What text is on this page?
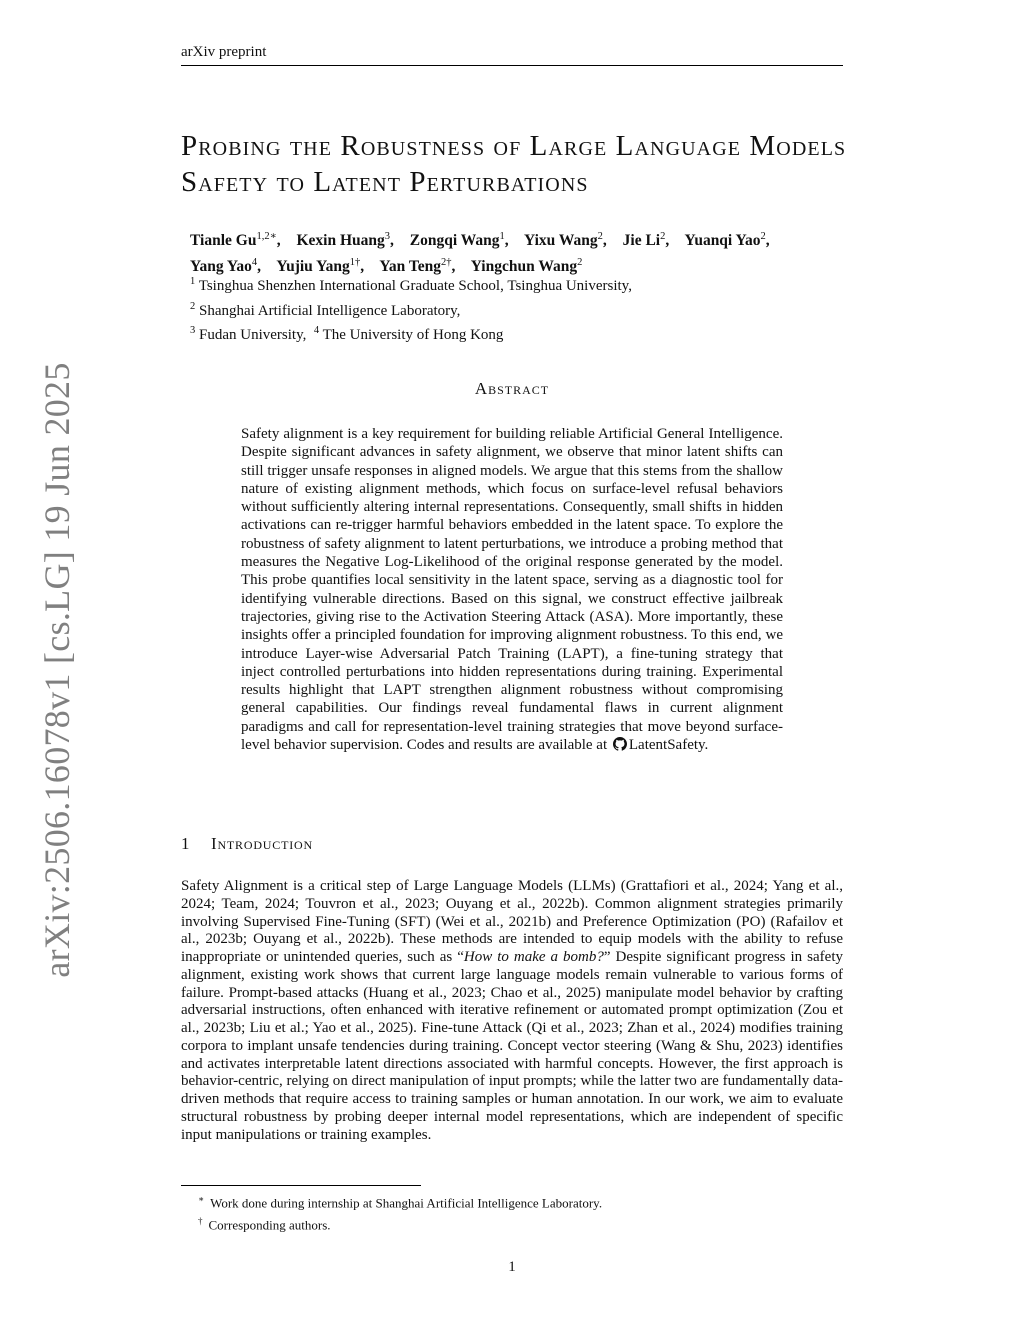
arXiv preprint
arXiv:2506.16078v1 [cs.LG] 19 Jun 2025
Probing the Robustness of Large Language Models Safety to Latent Perturbations
Tianle $Gu^{1,2∗}$, Kexin Huang$^3$, Zongqi Wang$^1$, Yixu Wang$^2$, Jie Li$^2$, Yuanqi Yao$^2$,
Yang Yao$^4$, Yujiu Yang$^{1\dagger}$, Yan Teng$^{2\dagger}$, Yingchun Wang$^2$
$^1$ Tsinghua Shenzhen International Graduate School, Tsinghua University,
$^2$ Shanghai Artificial Intelligence Laboratory,
$^3$ Fudan University, $^4$ The University of Hong Kong
Abstract
Safety alignment is a key requirement for building reliable Artificial General Intelligence. Despite significant advances in safety alignment, we observe that minor latent shifts can still trigger unsafe responses in aligned models. We argue that this stems from the shallow nature of existing alignment methods, which focus on surface-level refusal behaviors without sufficiently altering internal representations. Consequently, small shifts in hidden activations can re-trigger harmful behaviors embedded in the latent space. To explore the robustness of safety alignment to latent perturbations, we introduce a probing method that measures the Negative Log-Likelihood of the original response generated by the model. This probe quantifies local sensitivity in the latent space, serving as a diagnostic tool for identifying vulnerable directions. Based on this signal, we construct effective jailbreak trajectories, giving rise to the Activation Steering Attack (ASA). More importantly, these insights offer a principled foundation for improving alignment robustness. To this end, we introduce Layer-wise Adversarial Patch Training (LAPT), a fine-tuning strategy that inject controlled perturbations into hidden representations during training. Experimental results highlight that LAPT strengthen alignment robustness without compromising general capabilities. Our findings reveal fundamental flaws in current alignment paradigms and call for representation-level training strategies that move beyond surface-level behavior supervision. Codes and results are available at LatentSafety.
1 Introduction
Safety Alignment is a critical step of Large Language Models (LLMs) (Grattafiori et al., 2024; Yang et al., 2024; Team, 2024; Touvron et al., 2023; Ouyang et al., 2022b). Common alignment strategies primarily involving Supervised Fine-Tuning (SFT) (Wei et al., 2021b) and Preference Optimization (PO) (Rafailov et al., 2023b; Ouyang et al., 2022b). These methods are intended to equip models with the ability to refuse inappropriate or unintended queries, such as “How to make a bomb?” Despite significant progress in safety alignment, existing work shows that current large language models remain vulnerable to various forms of failure. Prompt-based attacks (Huang et al., 2023; Chao et al., 2025) manipulate model behavior by crafting adversarial instructions, often enhanced with iterative refinement or automated prompt optimization (Zou et al., 2023b; Liu et al.; Yao et al., 2025). Fine-tune Attack (Qi et al., 2023; Zhan et al., 2024) modifies training corpora to implant unsafe tendencies during training. Concept vector steering (Wang & Shu, 2023) identifies and activates interpretable latent directions associated with harmful concepts. However, the first approach is behavior-centric, relying on direct manipulation of input prompts; while the latter two are fundamentally data-driven methods that require access to training samples or human annotation. In our work, we aim to evaluate structural robustness by probing deeper internal model representations, which are independent of specific input manipulations or training examples.
∗ Work done during internship at Shanghai Artificial Intelligence Laboratory.
† Corresponding authors.
1
